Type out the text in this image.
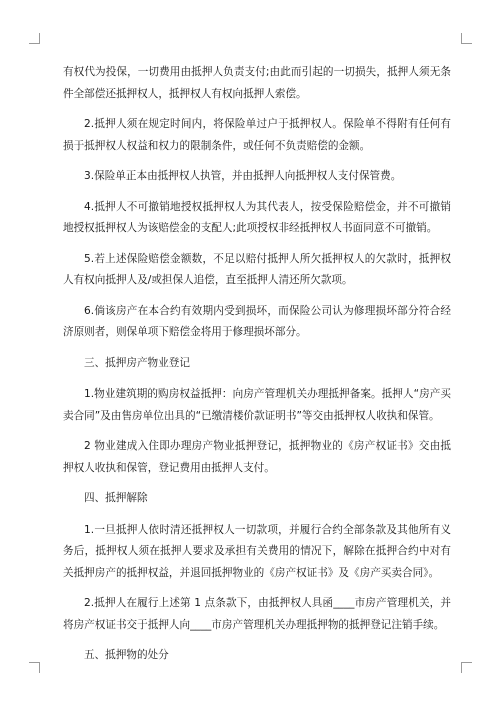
有权代为投保，一切费用由抵押人负责支付;由此而引起的一切损失，抵押人须无条件全部偿还抵押权人，抵押权人有权向抵押人索偿。

2.抵押人须在规定时间内，将保险单过户于抵押权人。保险单不得附有任何有损于抵押权人权益和权力的限制条件，或任何不负责赔偿的金额。

3.保险单正本由抵押权人执管，并由抵押人向抵押权人支付保管费。

4.抵押人不可撤销地授权抵押权人为其代表人，按受保险赔偿金，并不可撤销地授权抵押权人为该赔偿金的支配人;此项授权非经抵押权人书面同意不可撤销。

5.若上述保险赔偿金额数，不足以赔付抵押人所欠抵押权人的欠款时，抵押权人有权向抵押人及/或担保人追偿，直至抵押人清还所欠款项。

6.倘该房产在本合约有效期内受到损坏，而保险公司认为修理损坏部分符合经济原则者，则保单项下赔偿金将用于修理损坏部分。

三、抵押房产物业登记

1.物业建筑期的购房权益抵押：向房产管理机关办理抵押备案。抵押人“房产买卖合同”及由售房单位出具的“已缴清楼价款证明书”等交由抵押权人收执和保管。

2 物业建成入住即办理房产物业抵押登记，抵押物业的《房产权证书》交由抵押权人收执和保管，登记费用由抵押人支付。

四、抵押解除

1.一旦抵押人依时清还抵押权人一切款项，并履行合约全部条款及其他所有义务后，抵押权人须在抵押人要求及承担有关费用的情况下，解除在抵押合约中对有关抵押房产的抵押权益，并退回抵押物业的《房产权证书》及《房产买卖合同》。

2.抵押人在履行上述第 1 点条款下，由抵押权人具函____市房产管理机关，并将房产权证书交于抵押人向____市房产管理机关办理抵押物的抵押登记注销手续。

五、抵押物的处分
